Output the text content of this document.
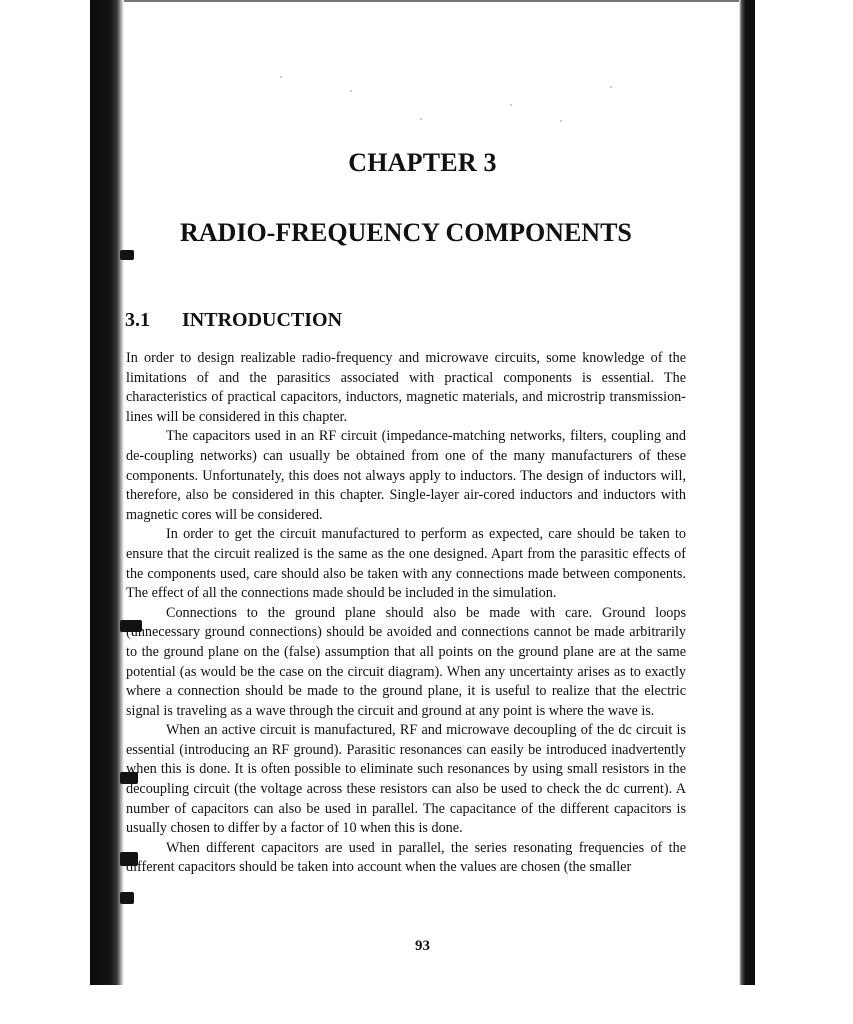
CHAPTER 3
RADIO-FREQUENCY COMPONENTS
3.1 INTRODUCTION

In order to design realizable radio-frequency and microwave circuits, some knowledge of the limitations of and the parasitics associated with practical components is essential. The characteristics of practical capacitors, inductors, magnetic materials, and microstrip transmission-lines will be considered in this chapter.

The capacitors used in an RF circuit (impedance-matching networks, filters, coupling and de-coupling networks) can usually be obtained from one of the many manufacturers of these components. Unfortunately, this does not always apply to inductors. The design of inductors will, therefore, also be considered in this chapter. Single-layer air-cored inductors and inductors with magnetic cores will be considered.

In order to get the circuit manufactured to perform as expected, care should be taken to ensure that the circuit realized is the same as the one designed. Apart from the parasitic effects of the components used, care should also be taken with any connections made between components. The effect of all the connections made should be included in the simulation.

Connections to the ground plane should also be made with care. Ground loops (unnecessary ground connections) should be avoided and connections cannot be made arbitrarily to the ground plane on the (false) assumption that all points on the ground plane are at the same potential (as would be the case on the circuit diagram). When any uncertainty arises as to exactly where a connection should be made to the ground plane, it is useful to realize that the electric signal is traveling as a wave through the circuit and ground at any point is where the wave is.

When an active circuit is manufactured, RF and microwave decoupling of the dc circuit is essential (introducing an RF ground). Parasitic resonances can easily be introduced inadvertently when this is done. It is often possible to eliminate such resonances by using small resistors in the decoupling circuit (the voltage across these resistors can also be used to check the dc current). A number of capacitors can also be used in parallel. The capacitance of the different capacitors is usually chosen to differ by a factor of 10 when this is done.

When different capacitors are used in parallel, the series resonating frequencies of the different capacitors should be taken into account when the values are chosen (the smaller

93
